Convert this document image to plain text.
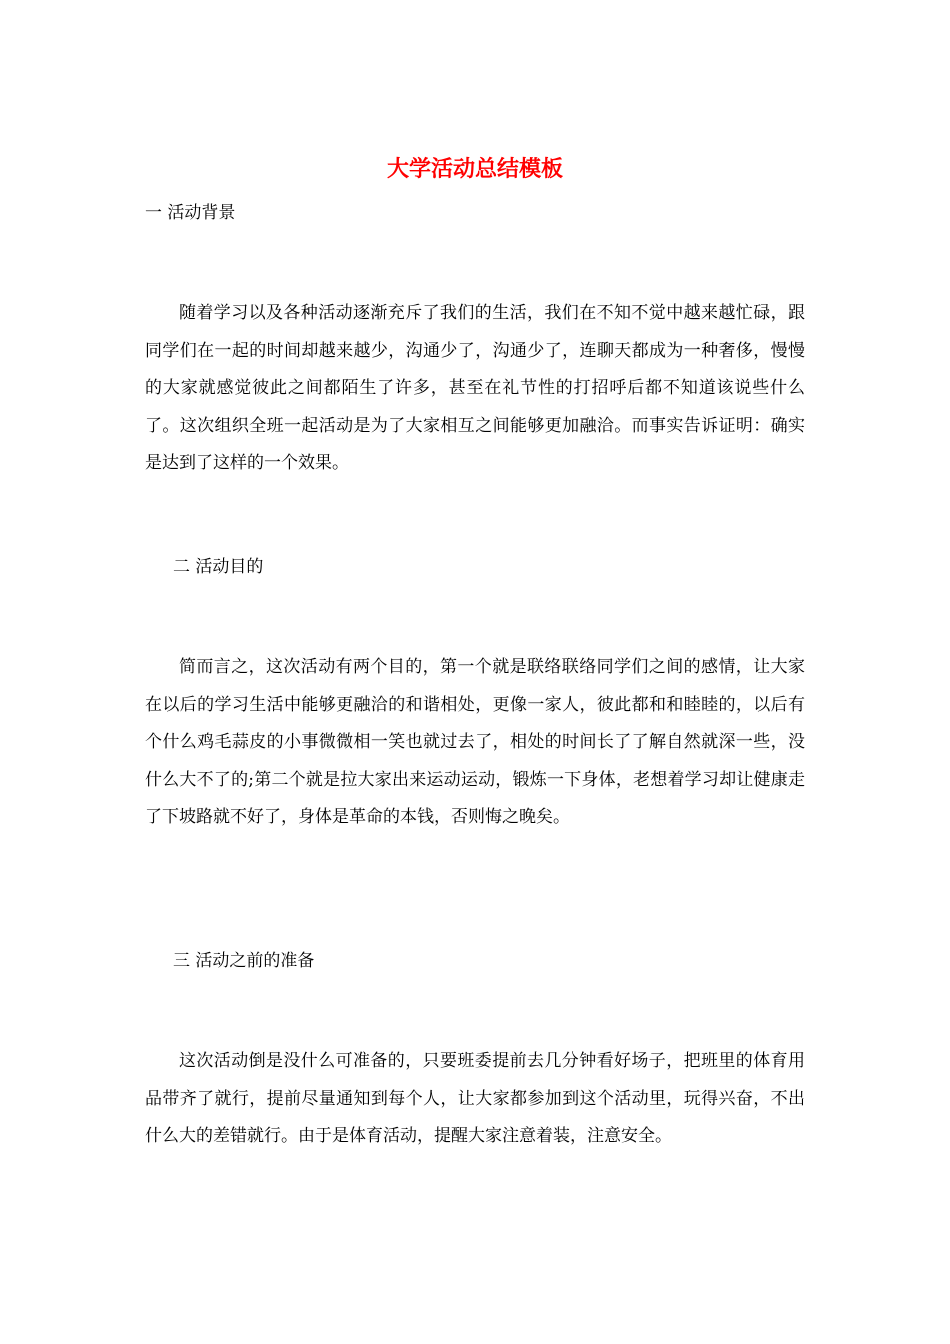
大学活动总结模板
一 活动背景

随着学习以及各种活动逐渐充斥了我们的生活，我们在不知不觉中越来越忙碌，跟同学们在一起的时间却越来越少，沟通少了，沟通少了，连聊天都成为一种奢侈，慢慢的大家就感觉彼此之间都陌生了许多，甚至在礼节性的打招呼后都不知道该说些什么了。这次组织全班一起活动是为了大家相互之间能够更加融洽。而事实告诉证明：确实是达到了这样的一个效果。

二 活动目的

简而言之，这次活动有两个目的，第一个就是联络联络同学们之间的感情，让大家在以后的学习生活中能够更融洽的和谐相处，更像一家人，彼此都和和睦睦的，以后有个什么鸡毛蒜皮的小事微微相一笑也就过去了，相处的时间长了了解自然就深一些，没什么大不了的;第二个就是拉大家出来运动运动，锻炼一下身体，老想着学习却让健康走了下坡路就不好了，身体是革命的本钱，否则悔之晚矣。

三 活动之前的准备

这次活动倒是没什么可准备的，只要班委提前去几分钟看好场子，把班里的体育用品带齐了就行，提前尽量通知到每个人，让大家都参加到这个活动里，玩得兴奋，不出什么大的差错就行。由于是体育活动，提醒大家注意着装，注意安全。
